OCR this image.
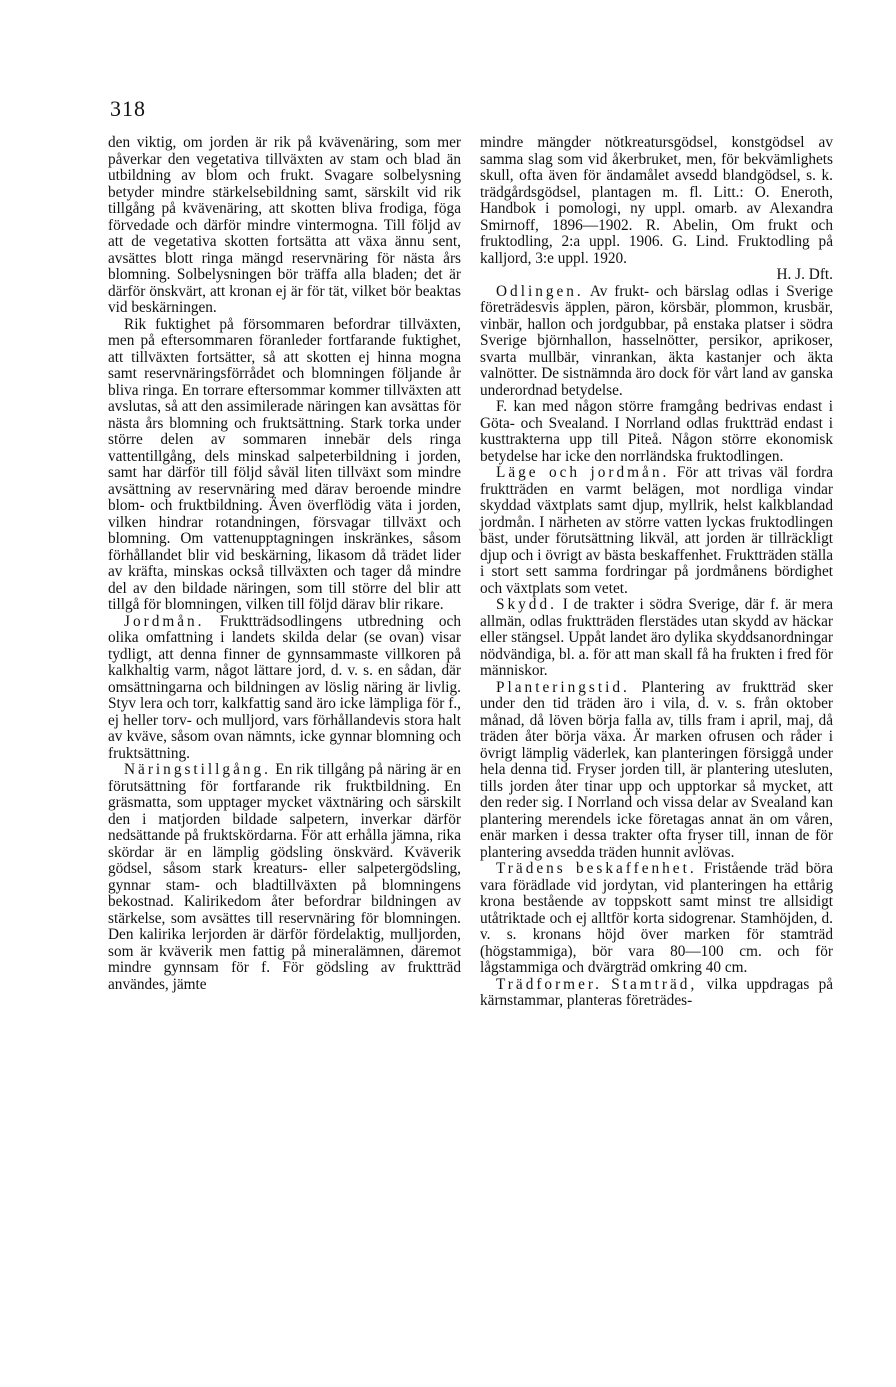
318

den viktig, om jorden är rik på kvävenäring, som mer påverkar den vegetativa tillväxten av stam och blad än utbildning av blom och frukt. Svagare solbelysning betyder mindre stärkelsebildning samt, särskilt vid rik tillgång på kvävenäring, att skotten bliva frodiga, föga förvedade och därför mindre vintermogna. Till följd av att de vegetativa skotten fortsätta att växa ännu sent, avsättes blott ringa mängd reservnäring för nästa års blomning. Solbelysningen bör träffa alla bladen; det är därför önskvärt, att kronan ej är för tät, vilket bör beaktas vid beskärningen.

Rik fuktighet på försommaren befordrar tillväxten, men på eftersommaren föranleder fortfarande fuktighet, att tillväxten fortsätter, så att skotten ej hinna mogna samt reservnäringsförrådet och blomningen följande år bliva ringa. En torrare eftersommar kommer tillväxten att avslutas, så att den assimilerade näringen kan avsättas för nästa års blomning och fruktsättning. Stark torka under större delen av sommaren innebär dels ringa vattentillgång, dels minskad salpeterbildning i jorden, samt har därför till följd såväl liten tillväxt som mindre avsättning av reservnäring med därav beroende mindre blom- och fruktbildning. Även överflödig väta i jorden, vilken hindrar rotandningen, försvagar tillväxt och blomning. Om vattenupptagningen inskränkes, såsom förhållandet blir vid beskärning, likasom då trädet lider av kräfta, minskas också tillväxten och tager då mindre del av den bildade näringen, som till större del blir att tillgå för blomningen, vilken till följd därav blir rikare.

Jordmån. Fruktträdsodlingens utbredning och olika omfattning i landets skilda delar (se ovan) visar tydligt, att denna finner de gynnsammaste villkoren på kalkhaltig varm, något lättare jord, d. v. s. en sådan, där omsättningarna och bildningen av löslig näring är livlig. Styv lera och torr, kalkfattig sand äro icke lämpliga för f., ej heller torv- och mulljord, vars förhållandevis stora halt av kväve, såsom ovan nämnts, icke gynnar blomning och fruktsättning.

Näringstillgång. En rik tillgång på näring är en förutsättning för fortfarande rik fruktbildning. En gräsmatta, som upptager mycket växtnäring och särskilt den i matjorden bildade salpetern, inverkar därför nedsättande på fruktskördarna. För att erhålla jämna, rika skördar är en lämplig gödsling önskvärd. Kväverik gödsel, såsom stark kreaturs- eller salpetergödsling, gynnar stam- och bladtillväxten på blomningens bekostnad. Kalirikedom åter befordrar bildningen av stärkelse, som avsättes till reservnäring för blomningen. Den kalirika lerjorden är därför fördelaktig, mulljorden, som är kväverik men fattig på mineralämnen, däremot mindre gynnsam för f. För gödsling av fruktträd användes, jämte

mindre mängder nötkreatursgödsel, konstgödsel av samma slag som vid åkerbruket, men, för bekvämlighets skull, ofta även för ändamålet avsedd blandgödsel, s. k. trädgårdsgödsel, plantagen m. fl. Litt.: O. Eneroth, Handbok i pomologi, ny uppl. omarb. av Alexandra Smirnoff, 1896—1902. R. Abelin, Om frukt och fruktodling, 2:a uppl. 1906. G. Lind. Fruktodling på kalljord, 3:e uppl. 1920.

H. J. Dft.

Odlingen. Av frukt- och bärslag odlas i Sverige företrädesvis äpplen, päron, körsbär, plommon, krusbär, vinbär, hallon och jordgubbar, på enstaka platser i södra Sverige björnhallon, hasselnötter, persikor, aprikoser, svarta mullbär, vinrankan, äkta kastanjer och äkta valnötter. De sistnämnda äro dock för vårt land av ganska underordnad betydelse.

F. kan med någon större framgång bedrivas endast i Göta- och Svealand. I Norrland odlas fruktträd endast i kusttrakterna upp till Piteå. Någon större ekonomisk betydelse har icke den norrländska fruktodlingen.

Läge och jordmån. För att trivas väl fordra fruktträden en varmt belägen, mot nordliga vindar skyddad växtplats samt djup, myllrik, helst kalkblandad jordmån. I närheten av större vatten lyckas fruktodlingen bäst, under förutsättning likväl, att jorden är tillräckligt djup och i övrigt av bästa beskaffenhet. Fruktträden ställa i stort sett samma fordringar på jordmånens bördighet och växtplats som vetet.

Skydd. I de trakter i södra Sverige, där f. är mera allmän, odlas fruktträden flerstädes utan skydd av häckar eller stängsel. Uppåt landet äro dylika skyddsanordningar nödvändiga, bl. a. för att man skall få ha frukten i fred för människor.

Planteringstid. Plantering av fruktträd sker under den tid träden äro i vila, d. v. s. från oktober månad, då löven börja falla av, tills fram i april, maj, då träden åter börja växa. Är marken ofrusen och råder i övrigt lämplig väderlek, kan planteringen försiggå under hela denna tid. Fryser jorden till, är plantering utesluten, tills jorden åter tinar upp och upptorkar så mycket, att den reder sig. I Norrland och vissa delar av Svealand kan plantering merendels icke företagas annat än om våren, enär marken i dessa trakter ofta fryser till, innan de för plantering avsedda träden hunnit avlövas.

Trädens beskaffenhet. Fristående träd böra vara förädlade vid jordytan, vid planteringen ha ettårig krona bestående av toppskott samt minst tre allsidigt utåtriktade och ej alltför korta sidogrenar. Stamhöjden, d. v. s. kronans höjd över marken för stamträd (högstammiga), bör vara 80—100 cm. och för lågstammiga och dvärgträd omkring 40 cm.

Trädformer. Stamträd, vilka uppdragas på kärnstammar, planteras företrädes-
